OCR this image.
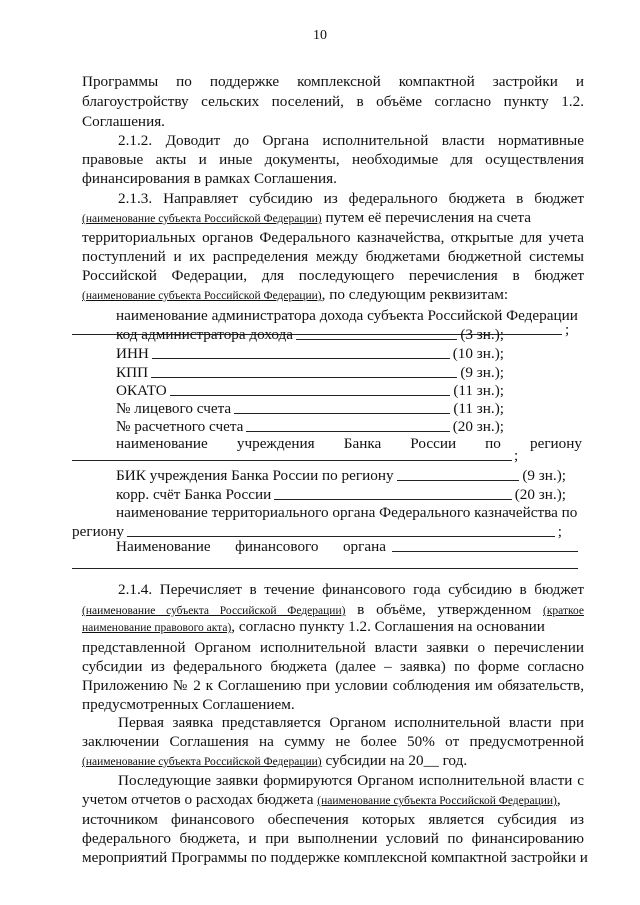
10
Программы по поддержке комплексной компактной застройки и
благоустройству сельских поселений, в объёме согласно пункту 1.2.
Соглашения.
2.1.2. Доводит до Органа исполнительной власти нормативные
правовые акты и иные документы, необходимые для осуществления
финансирования в рамках Соглашения.
2.1.3. Направляет субсидию из федерального бюджета в бюджет
(наименование субъекта Российской Федерации) путем её перечисления на счета
территориальных органов Федерального казначейства, открытые для учета
поступлений и их распределения между бюджетами бюджетной системы
Российской Федерации, для последующего перечисления в бюджет
(наименование субъекта Российской Федерации), по следующим реквизитам:
наименование администратора дохода субъекта Российской Федерации
;
код администратора дохода	(3 зн.);
ИНН	(10 зн.);
КПП	(9 зн.);
ОКАТО	(11 зн.);
№ лицевого счета	(11 зн.);
№ расчетного счета	(20 зн.);
наименование учреждения Банка России по региону
;
БИК учреждения Банка России по региону	(9 зн.);
корр. счёт Банка России	(20 зн.);
наименование территориального органа Федерального казначейства по
региону	;
Наименование финансового органа
2.1.4. Перечисляет в течение финансового года субсидию в бюджет
(наименование субъекта Российской Федерации) в объёме, утвержденном (краткое
наименование правового акта), согласно пункту 1.2. Соглашения на основании
представленной Органом исполнительной власти заявки о перечислении
субсидии из федерального бюджета (далее – заявка) по форме согласно
Приложению № 2 к Соглашению при условии соблюдения им обязательств,
предусмотренных Соглашением.
Первая заявка представляется Органом исполнительной власти при
заключении Соглашения на сумму не более 50% от предусмотренной
(наименование субъекта Российской Федерации) субсидии на 20__ год.
Последующие заявки формируются Органом исполнительной власти с
учетом отчетов о расходах бюджета (наименование субъекта Российской Федерации),
источником финансового обеспечения которых является субсидия из
федерального бюджета, и при выполнении условий по финансированию
мероприятий Программы по поддержке комплексной компактной застройки и
